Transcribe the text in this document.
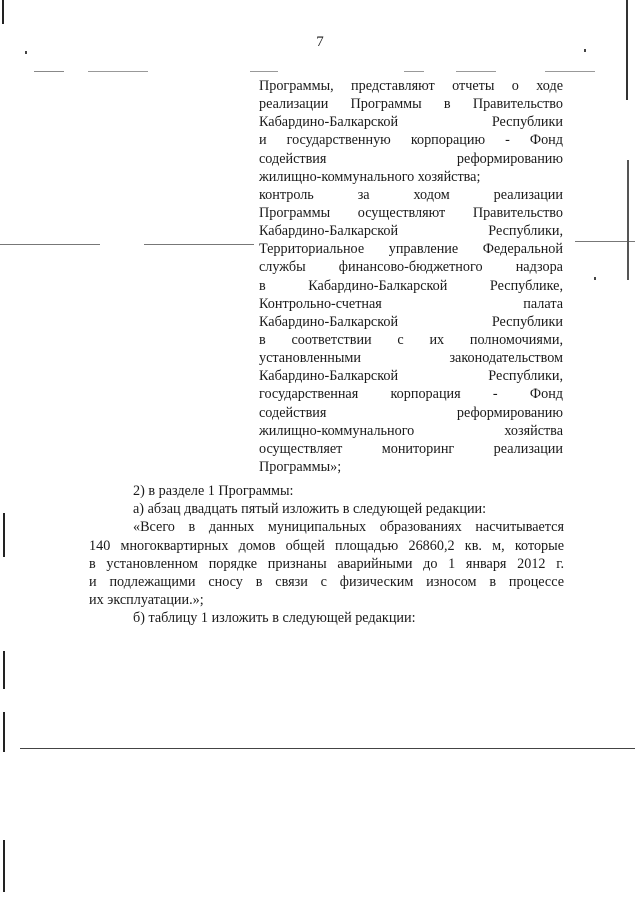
7
Программы, представляют отчеты о ходе
реализации Программы в Правительство
Кабардино-Балкарской Республики
и государственную корпорацию - Фонд
содействия реформированию
жилищно-коммунального хозяйства;
контроль за ходом реализации
Программы осуществляют Правительство
Кабардино-Балкарской Республики,
Территориальное управление Федеральной
службы финансово-бюджетного надзора
в Кабардино-Балкарской Республике,
Контрольно-счетная палата
Кабардино-Балкарской Республики
в соответствии с их полномочиями,
установленными законодательством
Кабардино-Балкарской Республики,
государственная корпорация - Фонд
содействия реформированию
жилищно-коммунального хозяйства
осуществляет мониторинг реализации
Программы»;
2) в разделе 1 Программы:
а) абзац двадцать пятый изложить в следующей редакции:
«Всего в данных муниципальных образованиях насчитывается
140 многоквартирных домов общей площадью 26860,2 кв. м, которые
в установленном порядке признаны аварийными до 1 января 2012 г.
и подлежащими сносу в связи с физическим износом в процессе
их эксплуатации.»;
б) таблицу 1 изложить в следующей редакции:
